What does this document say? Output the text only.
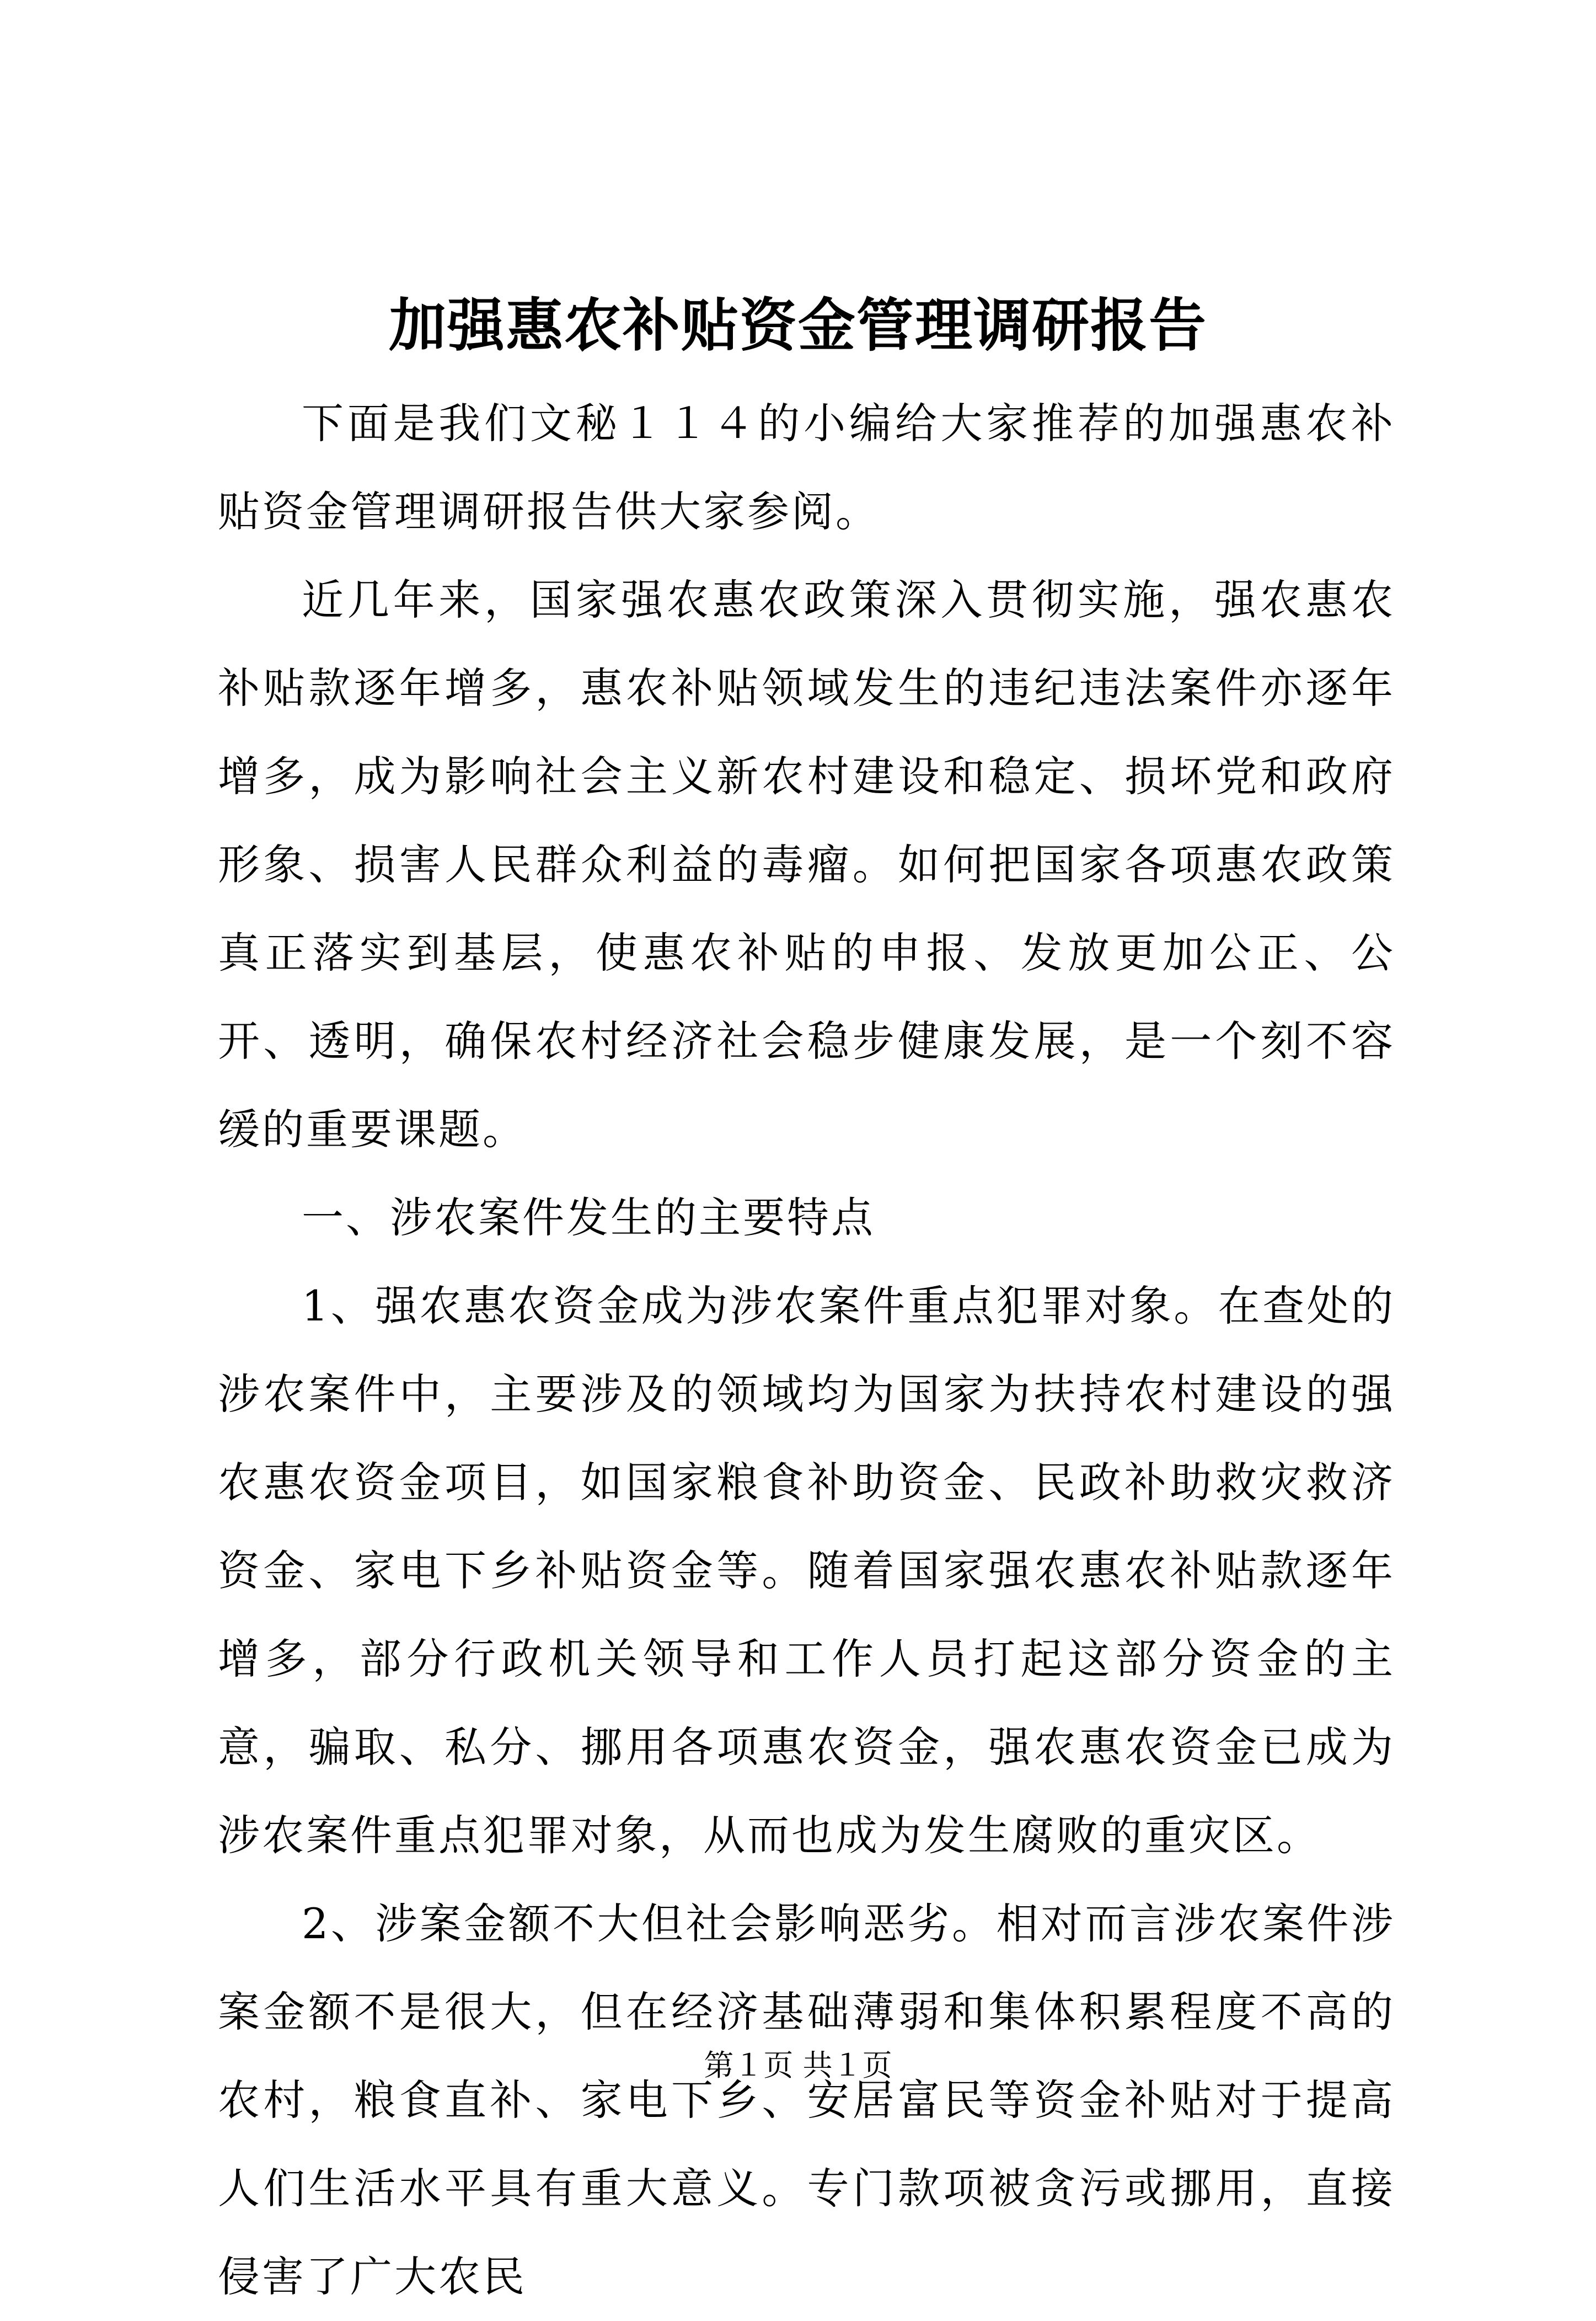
加强惠农补贴资金管理调研报告

下面是我们文秘１１４的小编给大家推荐的加强惠农补贴资金管理调研报告供大家参阅。

近几年来，国家强农惠农政策深入贯彻实施，强农惠农补贴款逐年增多，惠农补贴领域发生的违纪违法案件亦逐年增多，成为影响社会主义新农村建设和稳定、损坏党和政府形象、损害人民群众利益的毒瘤。如何把国家各项惠农政策真正落实到基层，使惠农补贴的申报、发放更加公正、公开、透明，确保农村经济社会稳步健康发展，是一个刻不容缓的重要课题。

一、涉农案件发生的主要特点

1、强农惠农资金成为涉农案件重点犯罪对象。在查处的涉农案件中，主要涉及的领域均为国家为扶持农村建设的强农惠农资金项目，如国家粮食补助资金、民政补助救灾救济资金、家电下乡补贴资金等。随着国家强农惠农补贴款逐年增多，部分行政机关领导和工作人员打起这部分资金的主意，骗取、私分、挪用各项惠农资金，强农惠农资金已成为涉农案件重点犯罪对象，从而也成为发生腐败的重灾区。

2、涉案金额不大但社会影响恶劣。相对而言涉农案件涉案金额不是很大，但在经济基础薄弱和集体积累程度不高的农村，粮食直补、家电下乡、安居富民等资金补贴对于提高人们生活水平具有重大意义。专门款项被贪污或挪用，直接侵害了广大农民

第１页 共１页
